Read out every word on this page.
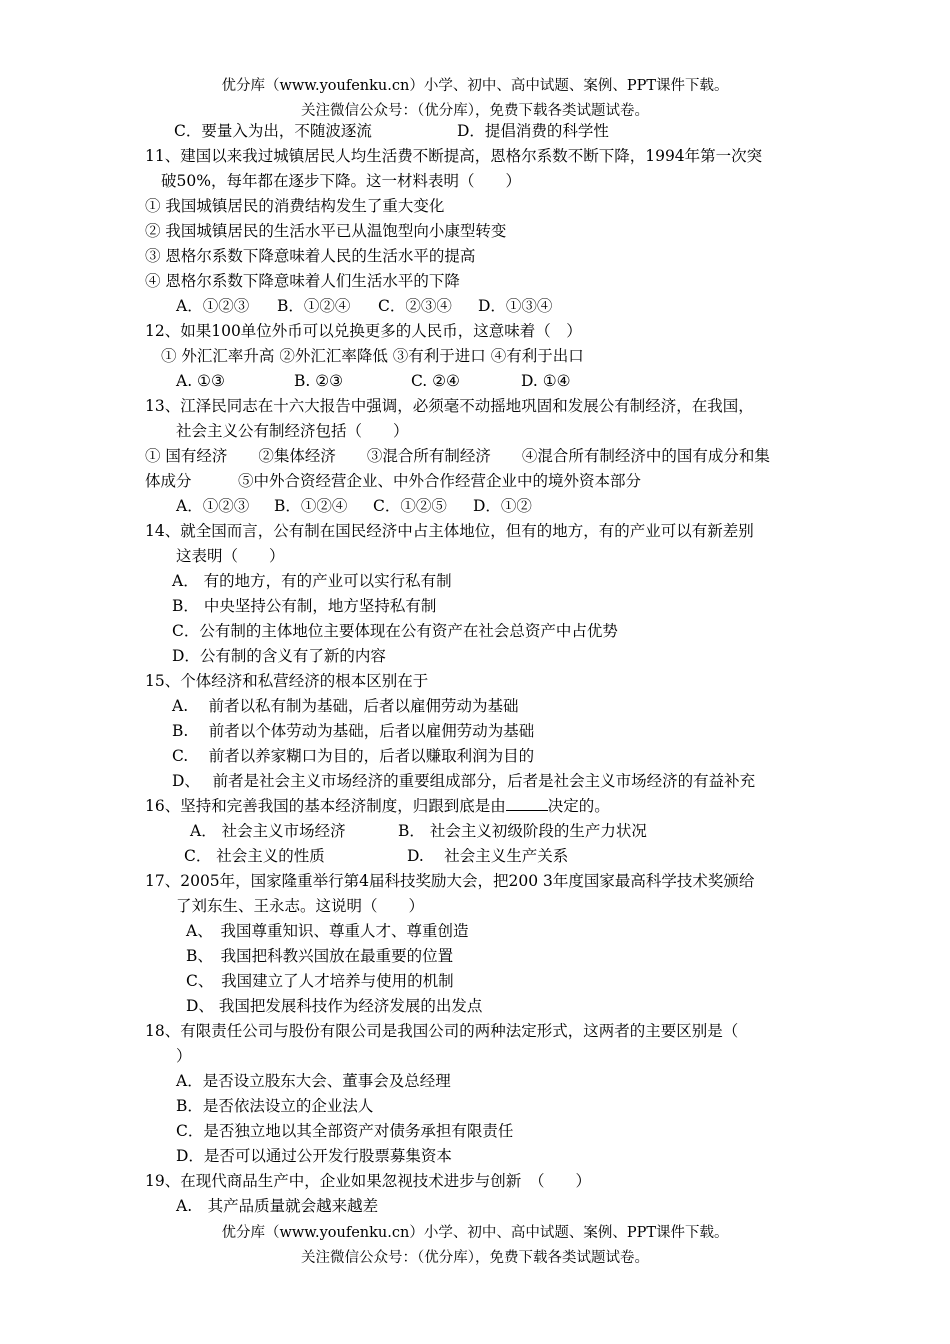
优分库（www.youfenku.cn）小学、初中、高中试题、案例、PPT课件下载。
关注微信公众号：（优分库），免费下载各类试题试卷。
C．要量入为出，不随波逐流	D．提倡消费的科学性
11、建国以来我过城镇居民人均生活费不断提高，恩格尔系数不断下降，1994年第一次突
破50%，每年都在逐步下降。这一材料表明（　　）
① 我国城镇居民的消费结构发生了重大变化
② 我国城镇居民的生活水平已从温饱型向小康型转变
③ 恩格尔系数下降意味着人民的生活水平的提高
④ 恩格尔系数下降意味着人们生活水平的下降
A．①②③ B．①②④ C．②③④ D．①③④
12、如果100单位外币可以兑换更多的人民币，这意味着（　）
① 外汇汇率升高 ②外汇汇率降低 ③有利于进口 ④有利于出口
A. ①③	B. ②③	C. ②④	D. ①④
13、江泽民同志在十六大报告中强调，必须毫不动摇地巩固和发展公有制经济，在我国，
社会主义公有制经济包括（　　）
① 国有经济　　②集体经济　　③混合所有制经济　　④混合所有制经济中的国有成分和集
体成分　　　⑤中外合资经营企业、中外合作经营企业中的境外资本部分
A．①②③ B．①②④ C．①②⑤ D．①②
14、就全国而言，公有制在国民经济中占主体地位，但有的地方，有的产业可以有新差别
这表明（　　）
A． 有的地方，有的产业可以实行私有制
B． 中央坚持公有制，地方坚持私有制
C．公有制的主体地位主要体现在公有资产在社会总资产中占优势
D．公有制的含义有了新的内容
15、个体经济和私营经济的根本区别在于
A.　 前者以私有制为基础，后者以雇佣劳动为基础
B.　 前者以个体劳动为基础，后者以雇佣劳动为基础
C.　 前者以养家糊口为目的，后者以赚取利润为目的
D、　 前者是社会主义市场经济的重要组成部分，后者是社会主义市场经济的有益补充
16、坚持和完善我国的基本经济制度，归跟到底是由	决定的。
A． 社会主义市场经济	B． 社会主义初级阶段的生产力状况
C． 社会主义的性质	D.　 社会主义生产关系
17、2005年，国家隆重举行第4届科技奖励大会，把200 3年度国家最高科学技术奖颁给
了刘东生、王永志。这说明（　　）
A、　我国尊重知识、尊重人才、尊重创造
B、　我国把科教兴国放在最重要的位置
C、　我国建立了人才培养与使用的机制
D、 我国把发展科技作为经济发展的出发点
18、有限责任公司与股份有限公司是我国公司的两种法定形式，这两者的主要区别是（
）
A．是否设立股东大会、董事会及总经理
B．是否依法设立的企业法人
C．是否独立地以其全部资产对债务承担有限责任
D．是否可以通过公开发行股票募集资本
19、在现代商品生产中，企业如果忽视技术进步与创新　（　　）
A.　其产品质量就会越来越差
优分库（www.youfenku.cn）小学、初中、高中试题、案例、PPT课件下载。
关注微信公众号：（优分库），免费下载各类试题试卷。
